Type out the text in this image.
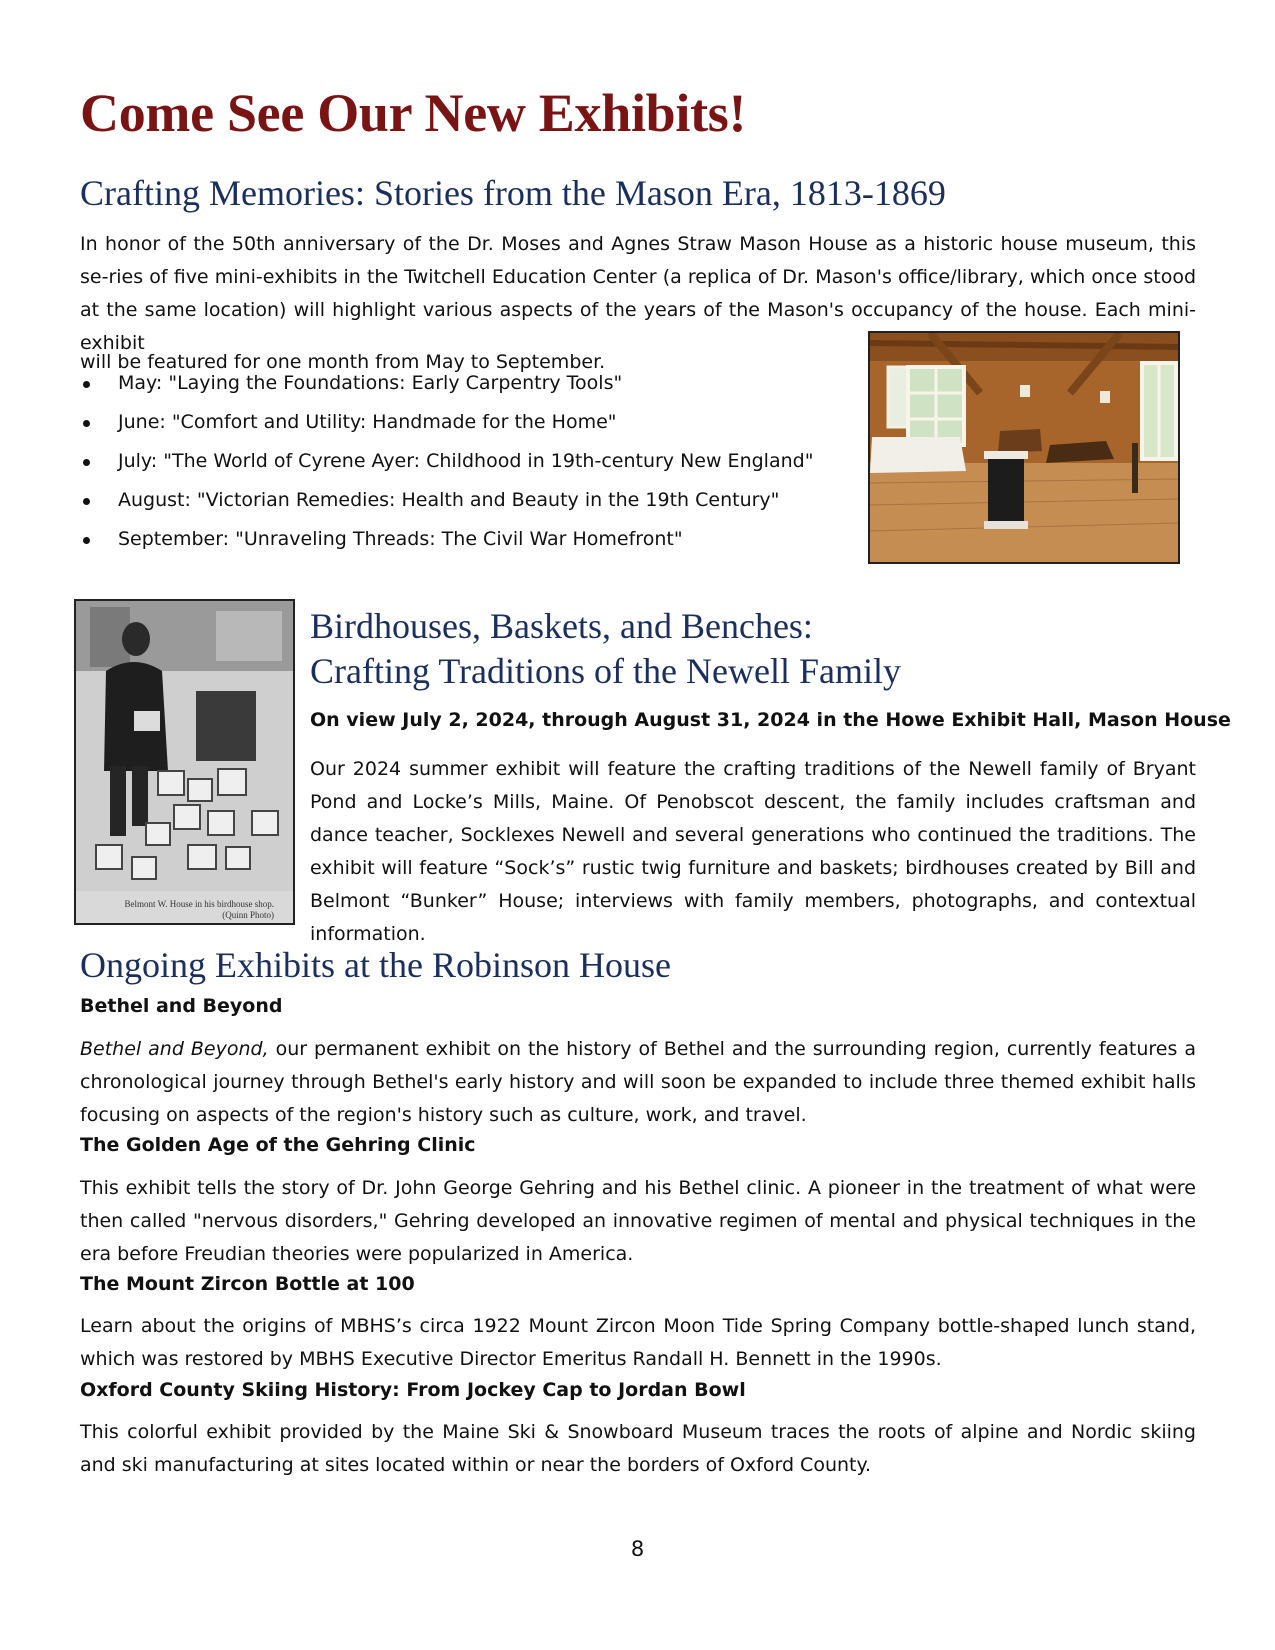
Come See Our New Exhibits!
Crafting Memories: Stories from the Mason Era, 1813-1869

In honor of the 50th anniversary of the Dr. Moses and Agnes Straw Mason House as a historic house museum, this se-ries of five mini-exhibits in the Twitchell Education Center (a replica of Dr. Mason's office/library, which once stood at the same location) will highlight various aspects of the years of the Mason's occupancy of the house. Each mini-exhibit

will be featured for one month from May to September.

May: "Laying the Foundations: Early Carpentry Tools"
June: "Comfort and Utility: Handmade for the Home"
July: "The World of Cyrene Ayer: Childhood in 19th-century New England"
August: "Victorian Remedies: Health and Beauty in the 19th Century"
September: "Unraveling Threads: The Civil War Homefront"
Belmont W. House in his birdhouse shop.
(Quinn Photo)
Birdhouses, Baskets, and Benches:
Crafting Traditions of the Newell Family

On view July 2, 2024, through August 31, 2024 in the Howe Exhibit Hall, Mason House

Our 2024 summer exhibit will feature the crafting traditions of the Newell family of Bryant Pond and Locke’s Mills, Maine. Of Penobscot descent, the family includes craftsman and dance teacher, Socklexes Newell and several generations who continued the traditions. The exhibit will feature “Sock’s” rustic twig furniture and baskets; birdhouses created by Bill and Belmont “Bunker” House; interviews with family members, photographs, and contextual information.

Ongoing Exhibits at the Robinson House

Bethel and Beyond

Bethel and Beyond, our permanent exhibit on the history of Bethel and the surrounding region, currently features a chronological journey through Bethel's early history and will soon be expanded to include three themed exhibit halls focusing on aspects of the region's history such as culture, work, and travel.

The Golden Age of the Gehring Clinic

This exhibit tells the story of Dr. John George Gehring and his Bethel clinic. A pioneer in the treatment of what were then called "nervous disorders," Gehring developed an innovative regimen of mental and physical techniques in the era before Freudian theories were popularized in America.

The Mount Zircon Bottle at 100

Learn about the origins of MBHS’s circa 1922 Mount Zircon Moon Tide Spring Company bottle-shaped lunch stand, which was restored by MBHS Executive Director Emeritus Randall H. Bennett in the 1990s.

Oxford County Skiing History: From Jockey Cap to Jordan Bowl

This colorful exhibit provided by the Maine Ski & Snowboard Museum traces the roots of alpine and Nordic skiing and ski manufacturing at sites located within or near the borders of Oxford County.

8
